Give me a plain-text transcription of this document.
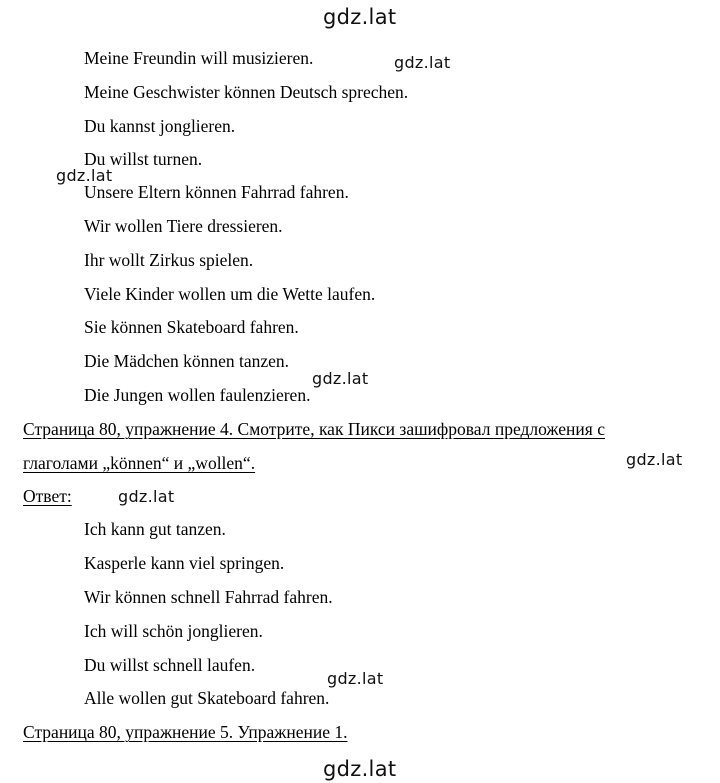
gdz.lat
gdz.lat
gdz.lat
gdz.lat
gdz.lat
gdz.lat
gdz.lat
gdz.lat
Meine Freundin will musizieren.
Meine Geschwister können Deutsch sprechen.
Du kannst jonglieren.
Du willst turnen.
Unsere Eltern können Fahrrad fahren.
Wir wollen Tiere dressieren.
Ihr wollt Zirkus spielen.
Viele Kinder wollen um die Wette laufen.
Sie können Skateboard fahren.
Die Mädchen können tanzen.
Die Jungen wollen faulenzieren.
Страница 80, упражнение 4. Смотрите, как Пикси зашифровал предложения с
глаголами „können“ и „wollen“.
Ответ:
Ich kann gut tanzen.
Kasperle kann viel springen.
Wir können schnell Fahrrad fahren.
Ich will schön jonglieren.
Du willst schnell laufen.
Alle wollen gut Skateboard fahren.
Страница 80, упражнение 5. Упражнение 1.
